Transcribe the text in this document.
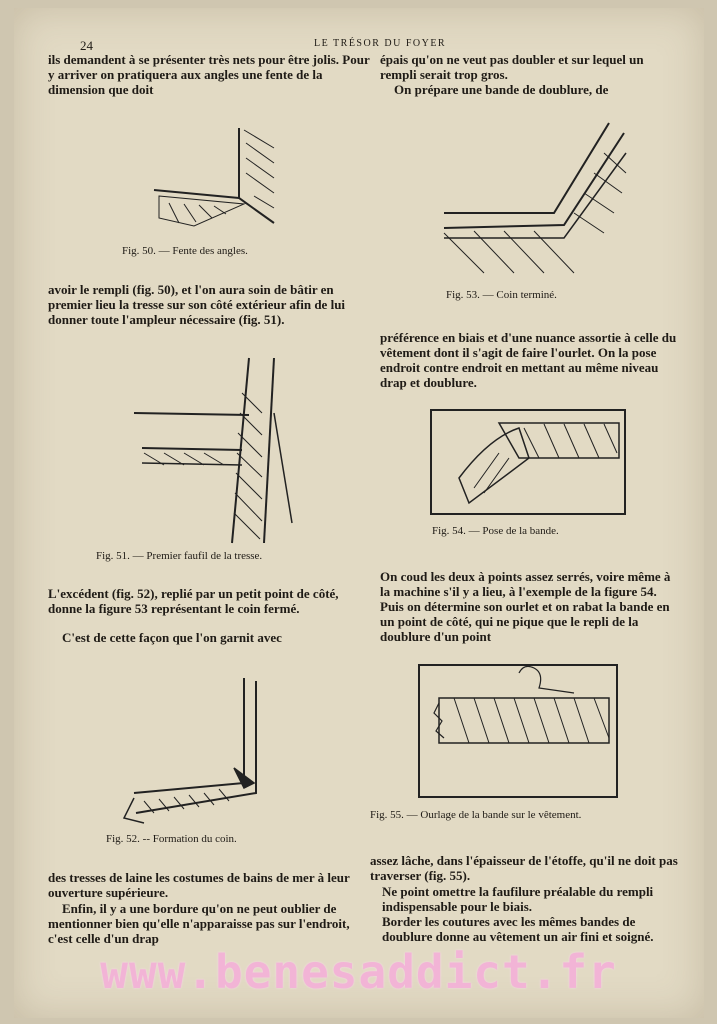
24	LE TRÉSOR DU FOYER

ils demandent à se présenter très nets pour être jolis. Pour y arriver on pratiquera aux angles une fente de la dimension que doit

Fig. 50. — Fente des angles.

avoir le rempli (fig. 50), et l'on aura soin de bâtir en premier lieu la tresse sur son côté extérieur afin de lui donner toute l'ampleur nécessaire (fig. 51).

Fig. 51. — Premier faufil de la tresse.

L'excédent (fig. 52), replié par un petit point de côté, donne la figure 53 représentant le coin fermé.

C'est de cette façon que l'on garnit avec

Fig. 52. -- Formation du coin.

des tresses de laine les costumes de bains de mer à leur ouverture supérieure.

Enfin, il y a une bordure qu'on ne peut oublier de mentionner bien qu'elle n'apparaisse pas sur l'endroit, c'est celle d'un drap

épais qu'on ne veut pas doubler et sur lequel un rempli serait trop gros.

On prépare une bande de doublure, de

Fig. 53. — Coin terminé.

préférence en biais et d'une nuance assortie à celle du vêtement dont il s'agit de faire l'ourlet. On la pose endroit contre endroit en mettant au même niveau drap et doublure.

Fig. 54. — Pose de la bande.

On coud les deux à points assez serrés, voire même à la machine s'il y a lieu, à l'exemple de la figure 54. Puis on détermine son ourlet et on rabat la bande en un point de côté, qui ne pique que le repli de la doublure d'un point

Fig. 55. — Ourlage de la bande sur le vêtement.

assez lâche, dans l'épaisseur de l'étoffe, qu'il ne doit pas traverser (fig. 55).

Ne point omettre la faufilure préalable du rempli indispensable pour le biais.

Border les coutures avec les mêmes bandes de doublure donne au vêtement un air fini et soigné.

www.benesaddict.fr
